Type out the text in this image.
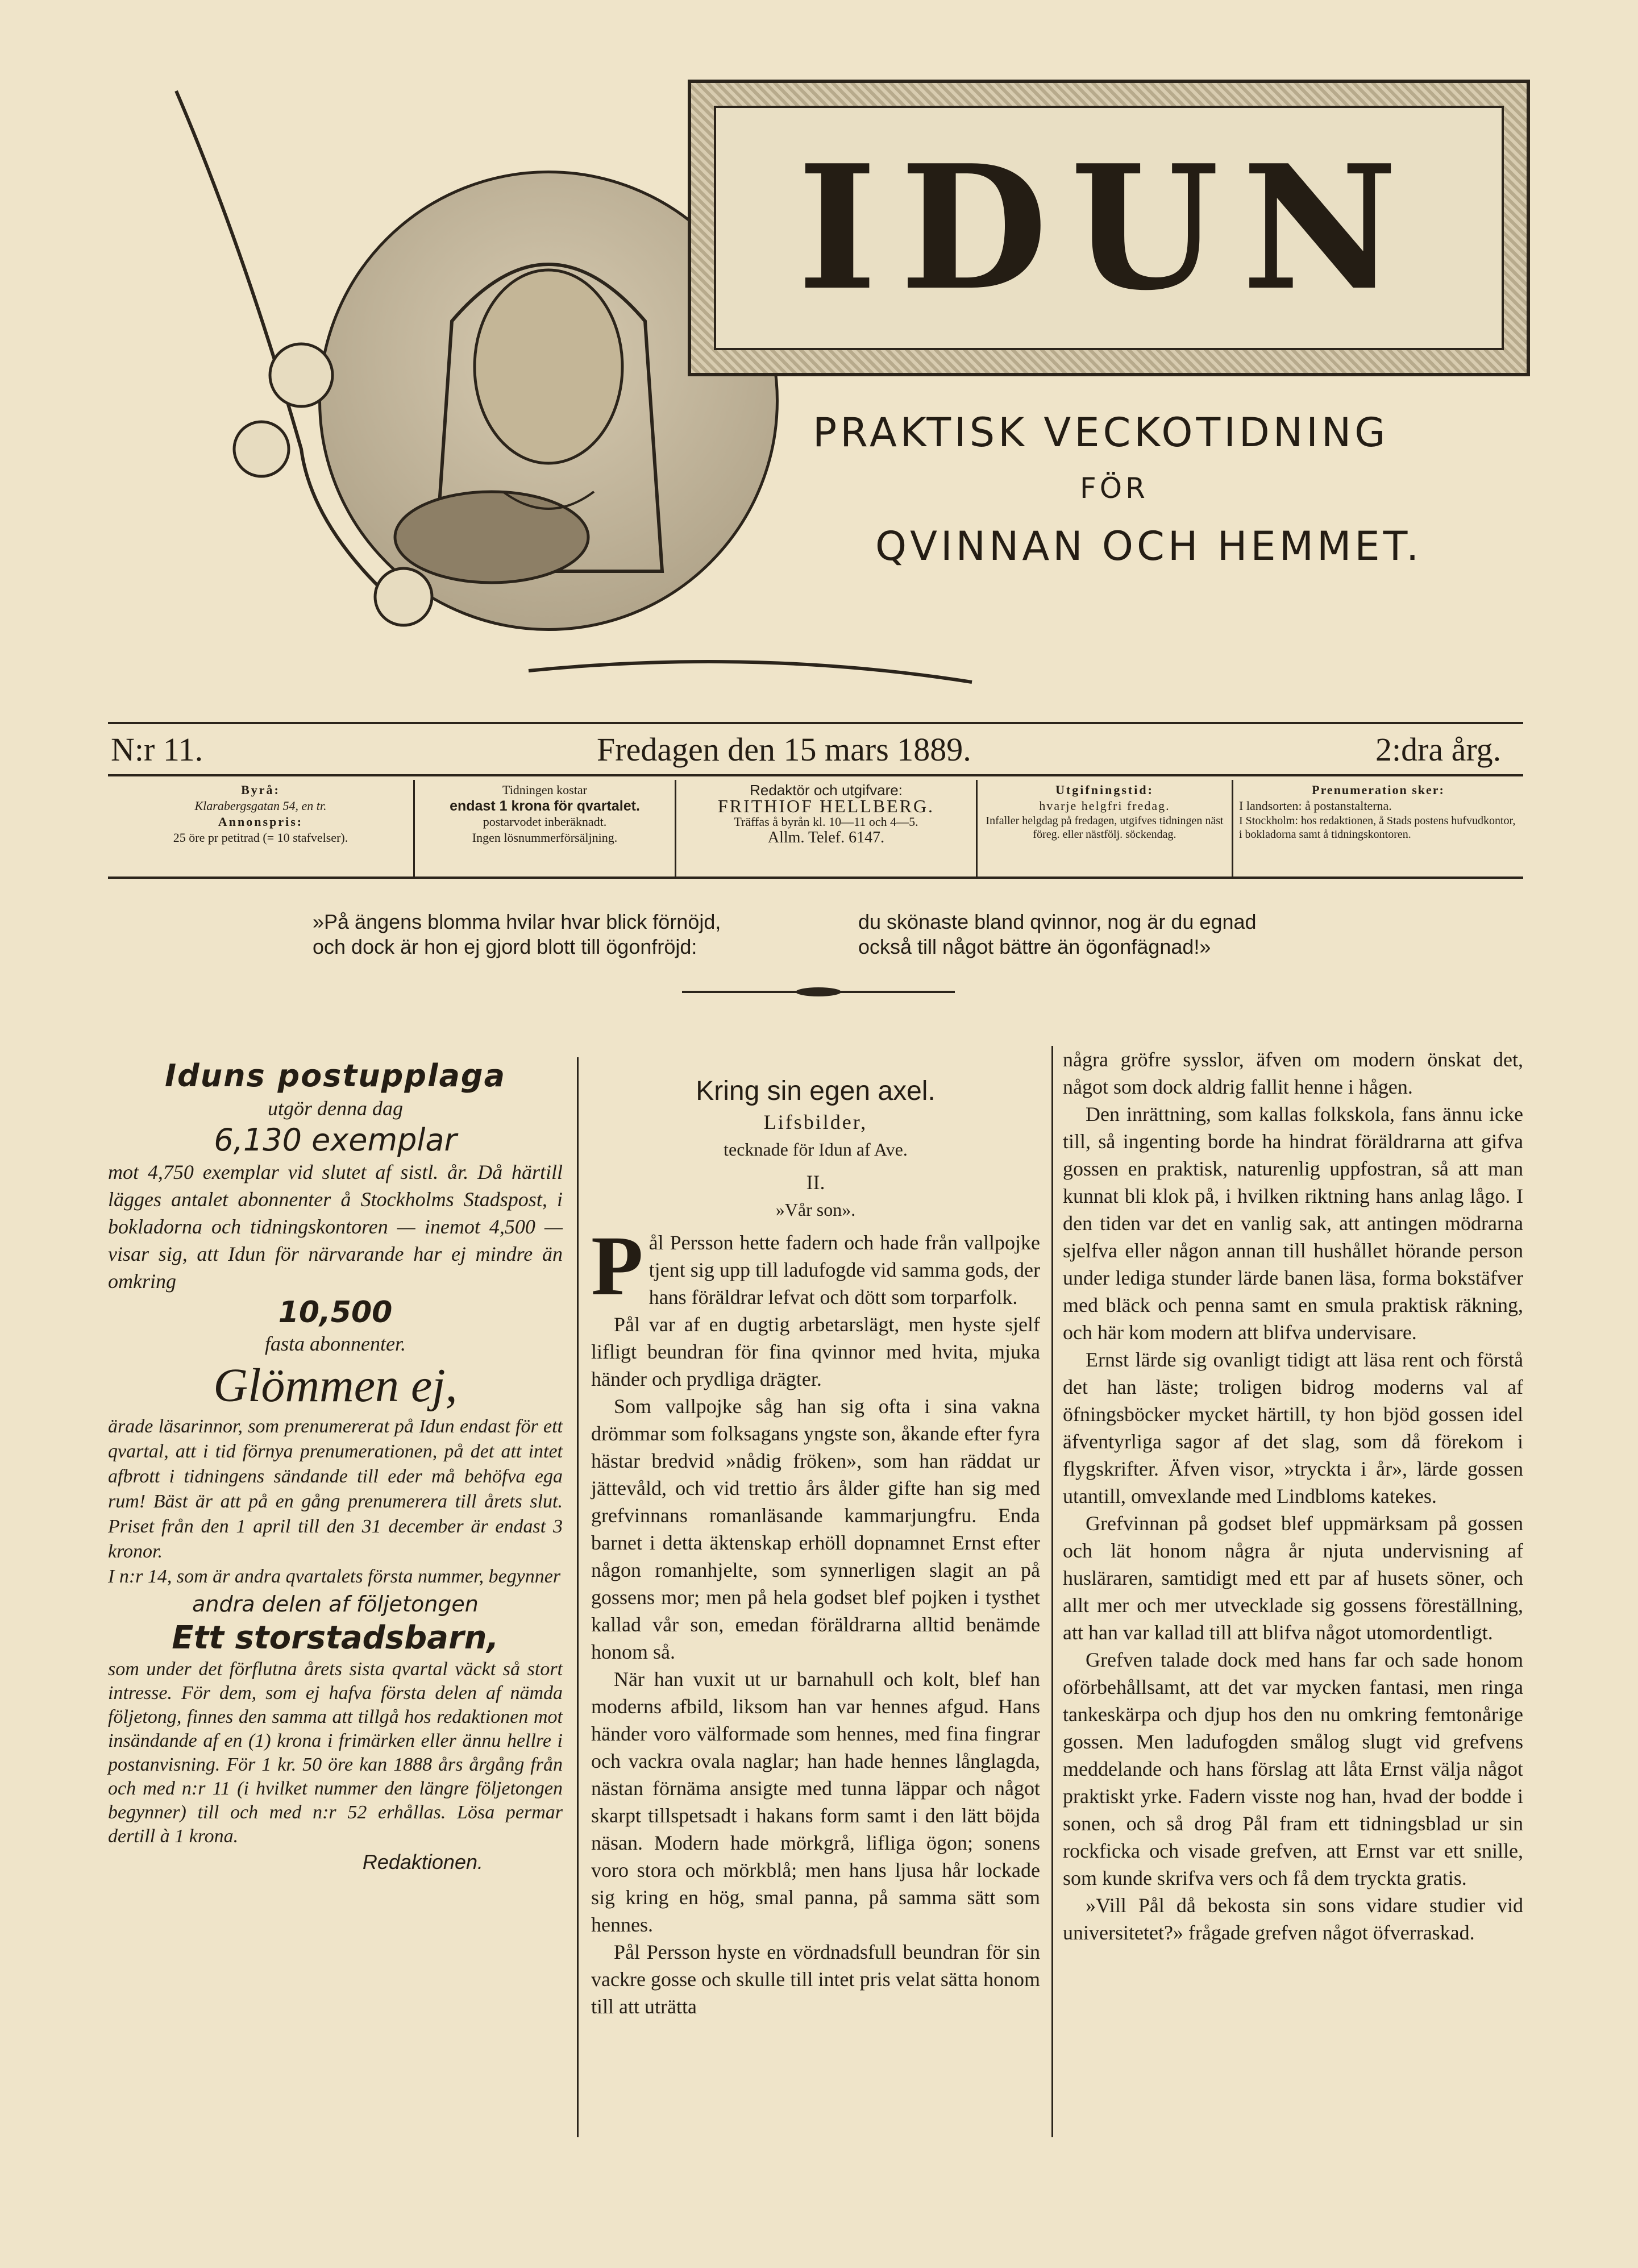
IDUN
PRAKTISK VECKOTIDNING
FÖR
QVINNAN OCH HEMMET.
N:r 11.	Fredagen den 15 mars 1889.	2:dra årg.
Byrå:
Klarabergsgatan 54, en tr.
Annonspris:
25 öre pr petitrad (= 10 stafvelser).
Tidningen kostar
endast 1 krona för qvartalet.
postarvodet inberäknadt.
Ingen lösnummerförsäljning.
Redaktör och utgifvare:
FRITHIOF HELLBERG.
Träffas å byrån kl. 10—11 och 4—5.
Allm. Telef. 6147.
Utgifningstid:
hvarje helgfri fredag.
Infaller helgdag på fredagen, utgifves tidningen näst föreg. eller nästfölj. söckendag.
Prenumeration sker:
I landsorten: å postanstalterna.
I Stockholm: hos redaktionen, å Stads postens hufvudkontor, i bokladorna samt å tidningskontoren.
»På ängens blomma hvilar hvar blick förnöjd,
och dock är hon ej gjord blott till ögonfröjd:
du skönaste bland qvinnor, nog är du egnad
också till något bättre än ögonfägnad!»
Iduns postupplaga
utgör denna dag
6,130 exemplar
mot 4,750 exemplar vid slutet af sistl. år. Då härtill lägges antalet abonnenter å Stockholms Stadspost, i bokladorna och tidningskontoren — inemot 4,500 — visar sig, att Idun för närvarande har ej mindre än omkring
10,500
fasta abonnenter.
Glömmen ej,
ärade läsarinnor, som prenumererat på Idun endast för ett qvartal, att i tid förnya prenumerationen, på det att intet afbrott i tidningens sändande till eder må behöfva ega rum! Bäst är att på en gång prenumerera till årets slut. Priset från den 1 april till den 31 december är endast 3 kronor.
I n:r 14, som är andra qvartalets första nummer, begynner
andra delen af följetongen
Ett storstadsbarn,
som under det förflutna årets sista qvartal väckt så stort intresse. För dem, som ej hafva första delen af nämda följetong, finnes den samma att tillgå hos redaktionen mot insändande af en (1) krona i frimärken eller ännu hellre i postanvisning. För 1 kr. 50 öre kan 1888 års årgång från och med n:r 11 (i hvilket nummer den längre följetongen begynner) till och med n:r 52 erhållas. Lösa permar dertill à 1 krona.
Redaktionen.
Kring sin egen axel.
Lifsbilder,
tecknade för Idun af Ave.
II.
»Vår son».
P ål Persson hette fadern och hade från vallpojke tjent sig upp till ladufogde vid samma gods, der hans föräldrar lefvat och dött som torparfolk.

Pål var af en dugtig arbetarslägt, men hyste sjelf lifligt beundran för fina qvinnor med hvita, mjuka händer och prydliga drägter.

Som vallpojke såg han sig ofta i sina vakna drömmar som folksagans yngste son, åkande efter fyra hästar bredvid »nådig fröken», som han räddat ur jättevåld, och vid trettio års ålder gifte han sig med grefvinnans romanläsande kammarjungfru. Enda barnet i detta äktenskap erhöll dopnamnet Ernst efter någon romanhjelte, som synnerligen slagit an på gossens mor; men på hela godset blef pojken i tysthet kallad vår son, emedan föräldrarna alltid benämde honom så.

När han vuxit ut ur barnahull och kolt, blef han moderns afbild, liksom han var hennes afgud. Hans händer voro välformade som hennes, med fina fingrar och vackra ovala naglar; han hade hennes långlagda, nästan förnäma ansigte med tunna läppar och något skarpt tillspetsadt i hakans form samt i den lätt böjda näsan. Modern hade mörkgrå, lifliga ögon; sonens voro stora och mörkblå; men hans ljusa hår lockade sig kring en hög, smal panna, på samma sätt som hennes.

Pål Persson hyste en vördnadsfull beundran för sin vackre gosse och skulle till intet pris velat sätta honom till att uträtta

några gröfre sysslor, äfven om modern önskat det, något som dock aldrig fallit henne i hågen.

Den inrättning, som kallas folkskola, fans ännu icke till, så ingenting borde ha hindrat föräldrarna att gifva gossen en praktisk, naturenlig uppfostran, så att man kunnat bli klok på, i hvilken riktning hans anlag lågo. I den tiden var det en vanlig sak, att antingen mödrarna sjelfva eller någon annan till hushållet hörande person under lediga stunder lärde banen läsa, forma bokstäfver med bläck och penna samt en smula praktisk räkning, och här kom modern att blifva undervisare.

Ernst lärde sig ovanligt tidigt att läsa rent och förstå det han läste; troligen bidrog moderns val af öfningsböcker mycket härtill, ty hon bjöd gossen idel äfventyrliga sagor af det slag, som då förekom i flygskrifter. Äfven visor, »tryckta i år», lärde gossen utantill, omvexlande med Lindbloms katekes.

Grefvinnan på godset blef uppmärksam på gossen och lät honom några år njuta undervisning af husläraren, samtidigt med ett par af husets söner, och allt mer och mer utvecklade sig gossens föreställning, att han var kallad till att blifva något utomordentligt.

Grefven talade dock med hans far och sade honom oförbehållsamt, att det var mycken fantasi, men ringa tankeskärpa och djup hos den nu omkring femtonårige gossen. Men ladufogden smålog slugt vid grefvens meddelande och hans förslag att låta Ernst välja något praktiskt yrke. Fadern visste nog han, hvad der bodde i sonen, och så drog Pål fram ett tidningsblad ur sin rockficka och visade grefven, att Ernst var ett snille, som kunde skrifva vers och få dem tryckta gratis.

»Vill Pål då bekosta sin sons vidare studier vid universitetet?» frågade grefven något öfverraskad.
